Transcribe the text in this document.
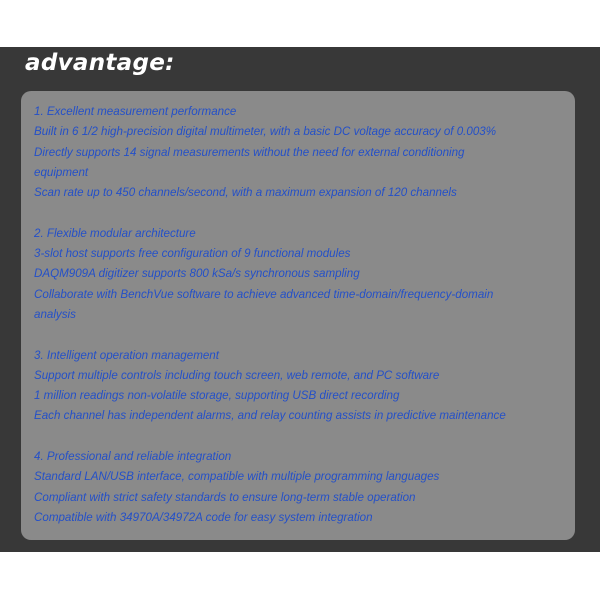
advantage:
1. Excellent measurement performance
Built in 6 1/2 high-precision digital multimeter, with a basic DC voltage accuracy of 0.003%
Directly supports 14 signal measurements without the need for external conditioning
equipment
Scan rate up to 450 channels/second, with a maximum expansion of 120 channels
2. Flexible modular architecture
3-slot host supports free configuration of 9 functional modules
DAQM909A digitizer supports 800 kSa/s synchronous sampling
Collaborate with BenchVue software to achieve advanced time-domain/frequency-domain
analysis
3. Intelligent operation management
Support multiple controls including touch screen, web remote, and PC software
1 million readings non-volatile storage, supporting USB direct recording
Each channel has independent alarms, and relay counting assists in predictive maintenance
4. Professional and reliable integration
Standard LAN/USB interface, compatible with multiple programming languages
Compliant with strict safety standards to ensure long-term stable operation
Compatible with 34970A/34972A code for easy system integration
